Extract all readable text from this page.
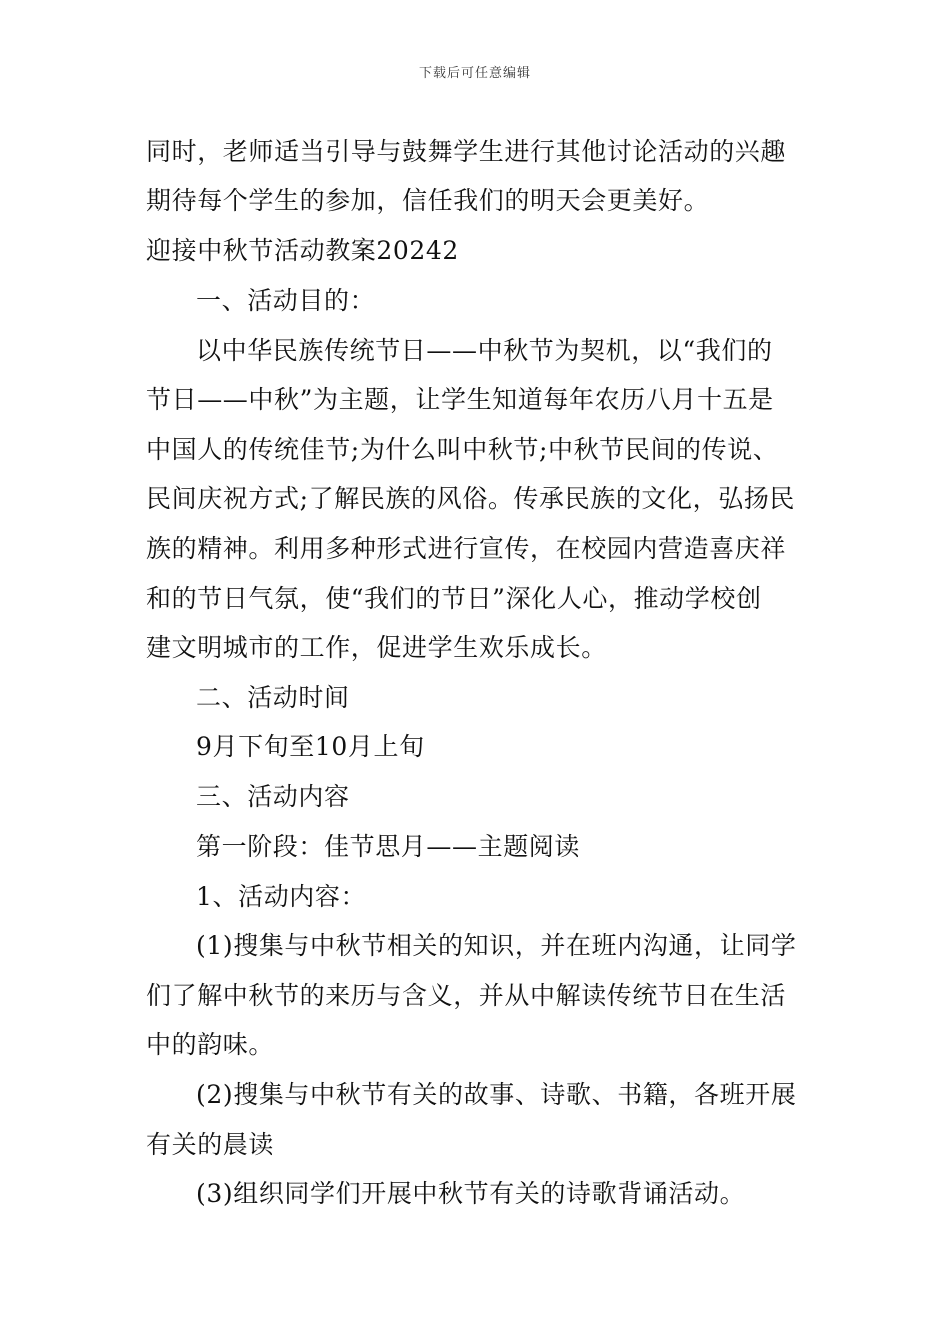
下载后可任意编辑
同时，老师适当引导与鼓舞学生进行其他讨论活动的兴趣
期待每个学生的参加，信任我们的明天会更美好。
迎接中秋节活动教案20242
一、活动目的：
以中华民族传统节日——中秋节为契机，以“我们的
节日——中秋”为主题，让学生知道每年农历八月十五是
中国人的传统佳节;为什么叫中秋节;中秋节民间的传说、
民间庆祝方式;了解民族的风俗。传承民族的文化，弘扬民
族的精神。利用多种形式进行宣传，在校园内营造喜庆祥
和的节日气氛，使“我们的节日”深化人心，推动学校创
建文明城市的工作，促进学生欢乐成长。
二、活动时间
9月下旬至10月上旬
三、活动内容
第一阶段：佳节思月——主题阅读
1、活动内容：
(1)搜集与中秋节相关的知识，并在班内沟通，让同学
们了解中秋节的来历与含义，并从中解读传统节日在生活
中的韵味。
(2)搜集与中秋节有关的故事、诗歌、书籍，各班开展
有关的晨读
(3)组织同学们开展中秋节有关的诗歌背诵活动。
